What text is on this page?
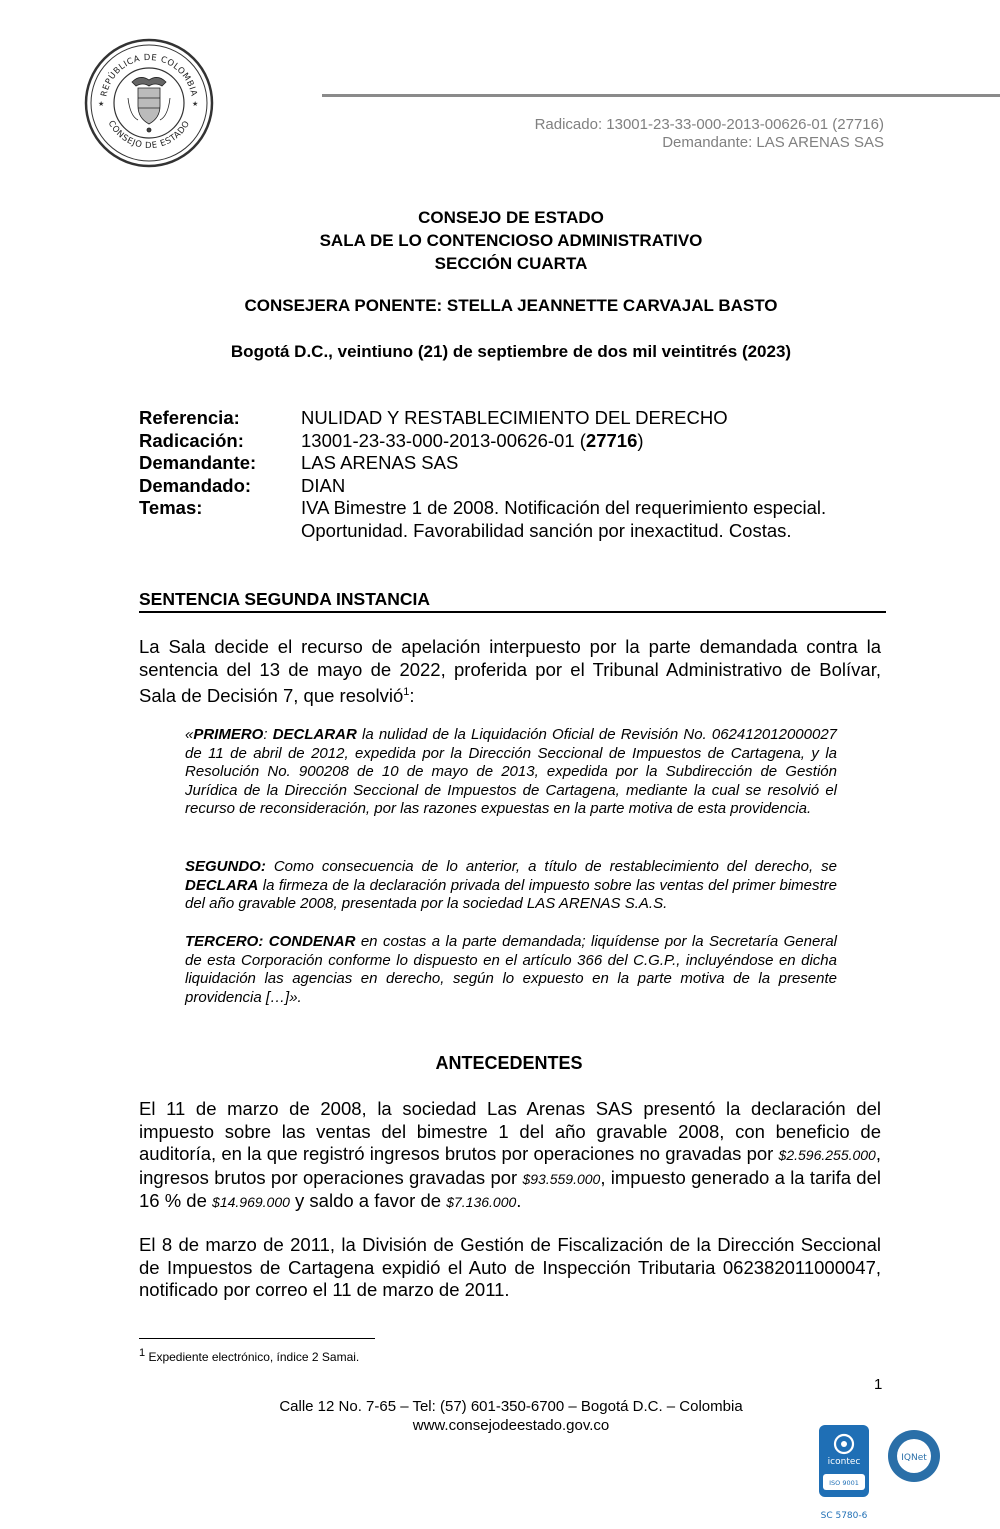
REPÚBLICA DE COLOMBIA
CONSEJO DE ESTADO
★	★
Radicado: 13001-23-33-000-2013-00626-01 (27716)
Demandante: LAS ARENAS SAS
CONSEJO DE ESTADO
SALA DE LO CONTENCIOSO ADMINISTRATIVO
SECCIÓN CUARTA
CONSEJERA PONENTE: STELLA JEANNETTE CARVAJAL BASTO
Bogotá D.C., veintiuno (21) de septiembre de dos mil veintitrés (2023)
Referencia:	NULIDAD Y RESTABLECIMIENTO DEL DERECHO
Radicación:	13001-23-33-000-2013-00626-01 (27716)
Demandante:	LAS ARENAS SAS
Demandado:	DIAN
Temas:	IVA Bimestre 1 de 2008. Notificación del requerimiento especial. Oportunidad. Favorabilidad sanción por inexactitud. Costas.
SENTENCIA SEGUNDA INSTANCIA
La Sala decide el recurso de apelación interpuesto por la parte demandada contra la sentencia del 13 de mayo de 2022, proferida por el Tribunal Administrativo de Bolívar, Sala de Decisión 7, que resolvió$^1$:
«PRIMERO: DECLARAR la nulidad de la Liquidación Oficial de Revisión No. 062412012000027 de 11 de abril de 2012, expedida por la Dirección Seccional de Impuestos de Cartagena, y la Resolución No. 900208 de 10 de mayo de 2013, expedida por la Subdirección de Gestión Jurídica de la Dirección Seccional de Impuestos de Cartagena, mediante la cual se resolvió el recurso de reconsideración, por las razones expuestas en la parte motiva de esta providencia.
SEGUNDO: Como consecuencia de lo anterior, a título de restablecimiento del derecho, se DECLARA la firmeza de la declaración privada del impuesto sobre las ventas del primer bimestre del año gravable 2008, presentada por la sociedad LAS ARENAS S.A.S.
TERCERO: CONDENAR en costas a la parte demandada; liquídense por la Secretaría General de esta Corporación conforme lo dispuesto en el artículo 366 del C.G.P., incluyéndose en dicha liquidación las agencias en derecho, según lo expuesto en la parte motiva de la presente providencia […]».
ANTECEDENTES
El 11 de marzo de 2008, la sociedad Las Arenas SAS presentó la declaración del impuesto sobre las ventas del bimestre 1 del año gravable 2008, con beneficio de auditoría, en la que registró ingresos brutos por operaciones no gravadas por $2.596.255.000, ingresos brutos por operaciones gravadas por $93.559.000, impuesto generado a la tarifa del 16 % de $14.969.000 y saldo a favor de $7.136.000.
El 8 de marzo de 2011, la División de Gestión de Fiscalización de la Dirección Seccional de Impuestos de Cartagena expidió el Auto de Inspección Tributaria 062382011000047, notificado por correo el 11 de marzo de 2011.
$^1$ Expediente electrónico, índice 2 Samai.
1
Calle 12 No. 7-65 – Tel: (57) 601-350-6700 – Bogotá D.C. – Colombia
www.consejodeestado.gov.co
icontec
ISO 9001
SC 5780-6
IQNet
